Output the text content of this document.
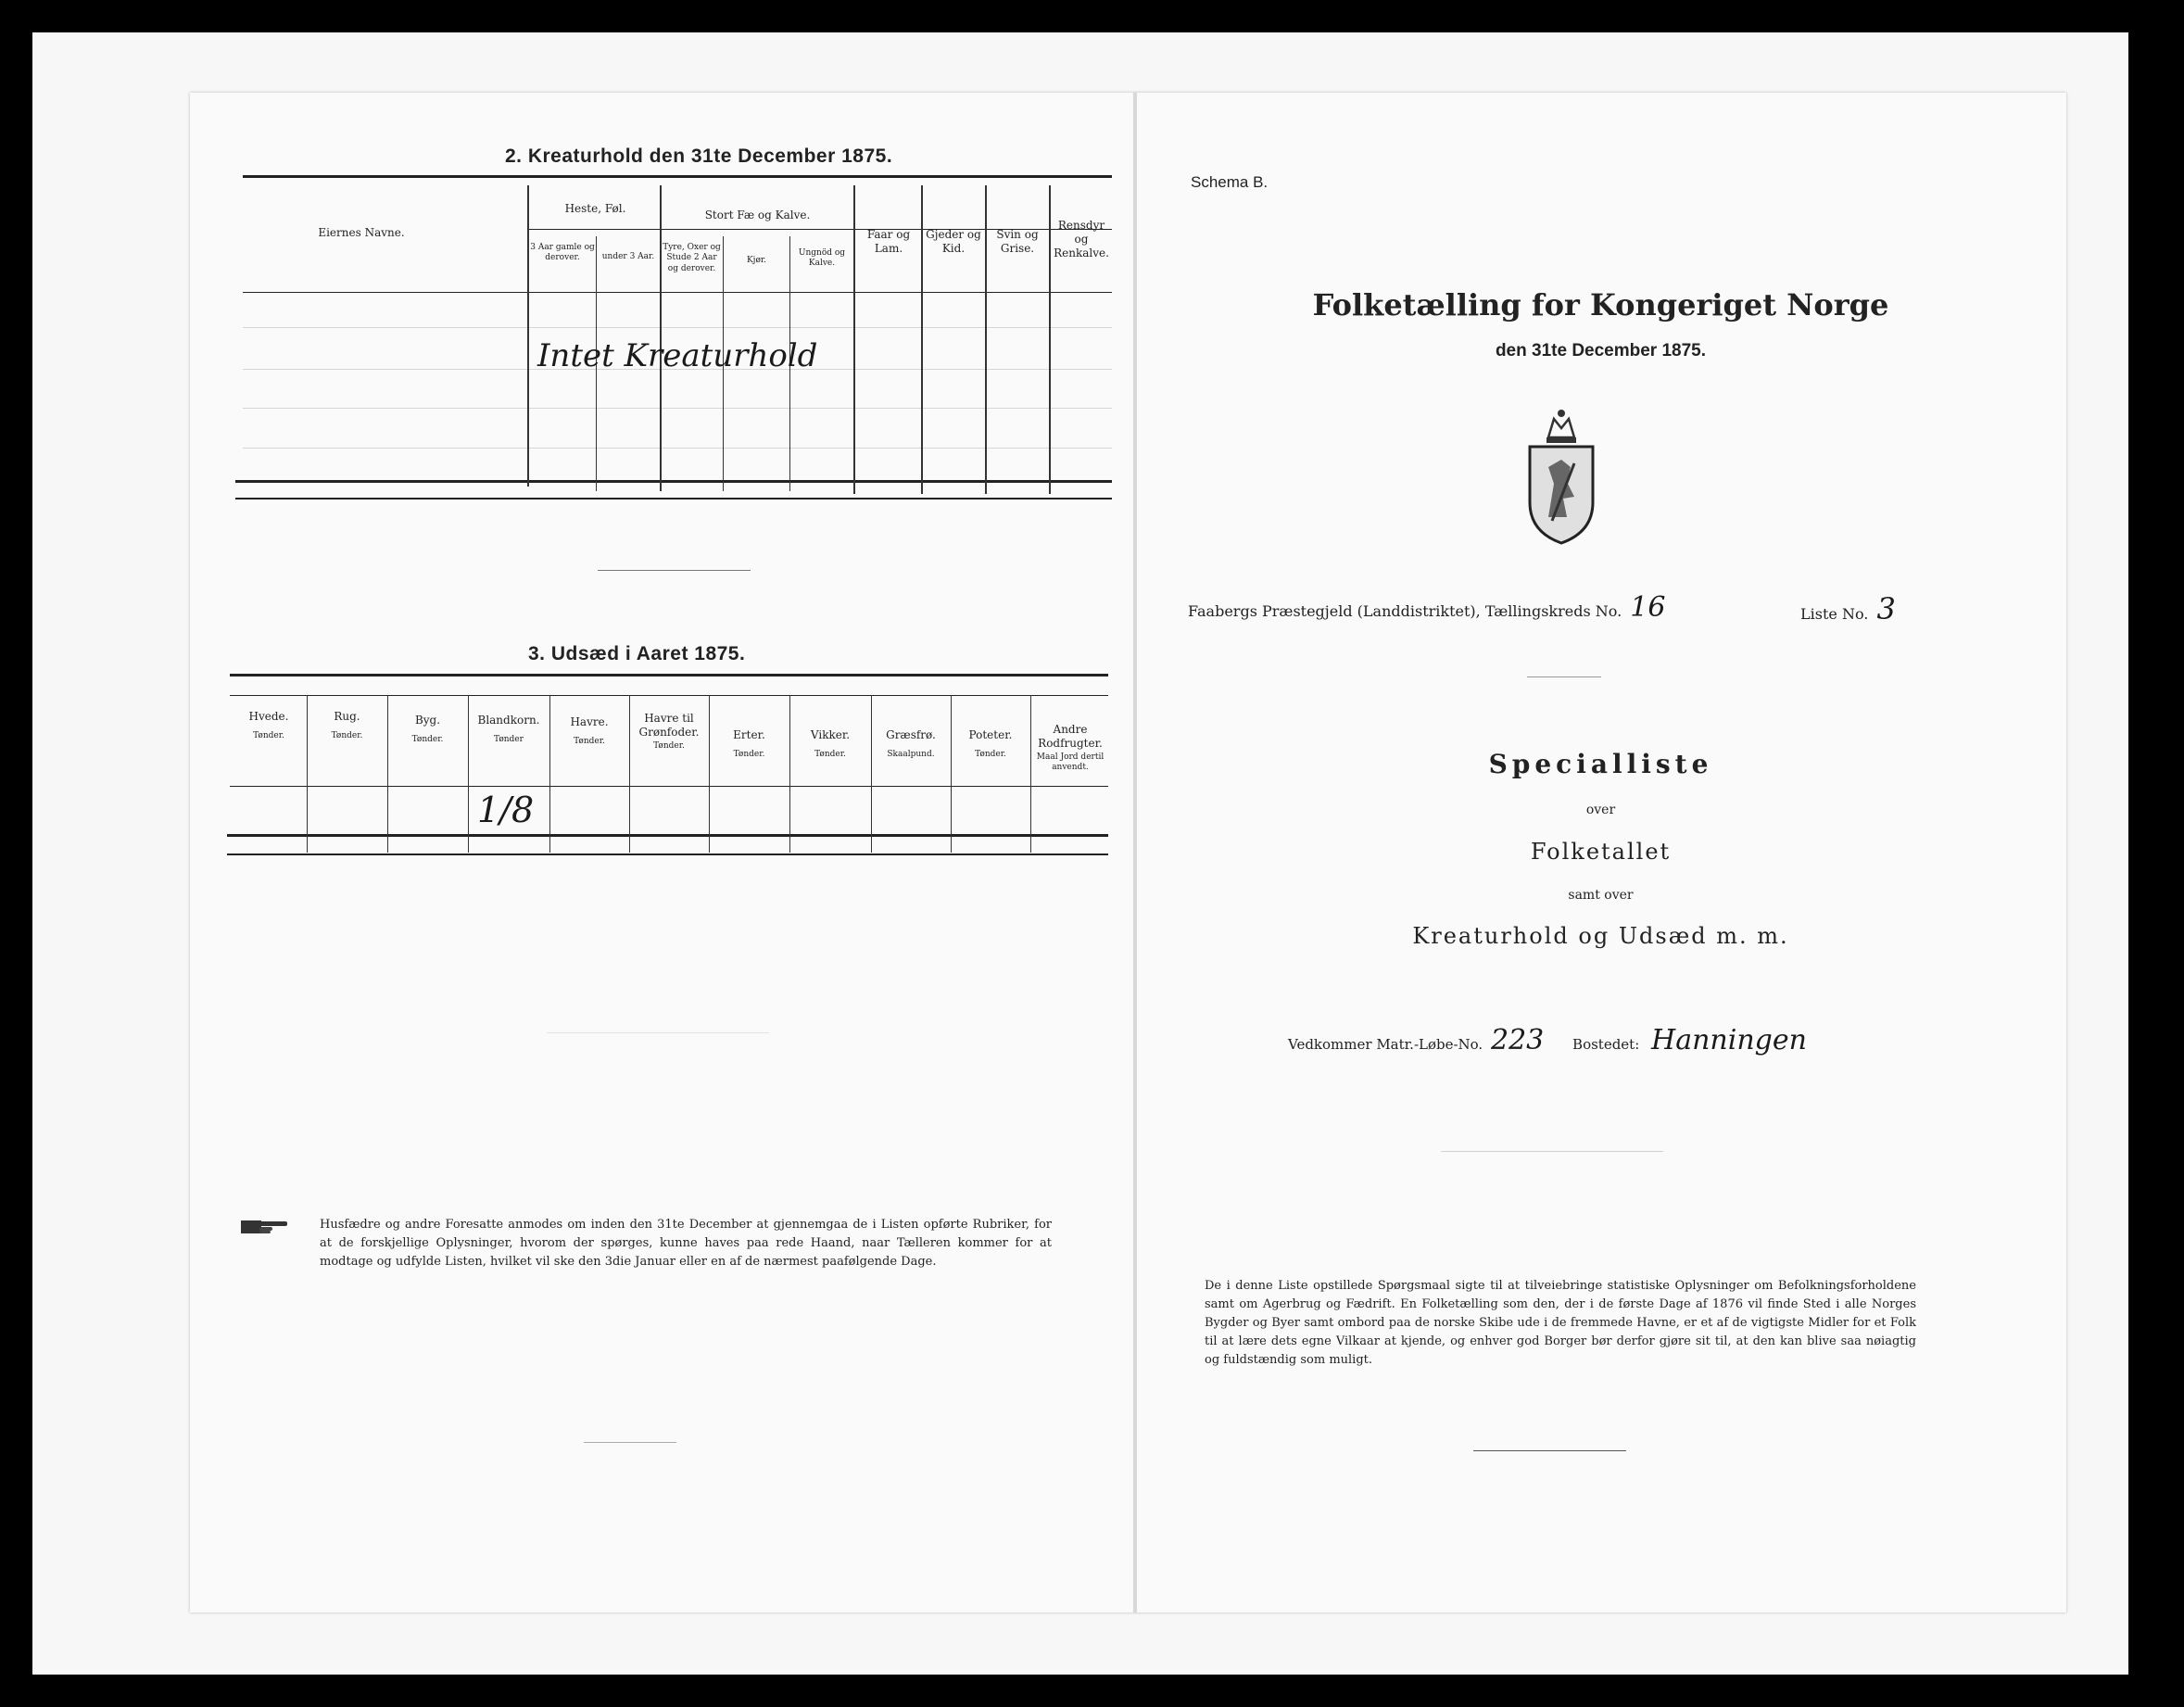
2. Kreaturhold den 31te December 1875.
Eiernes Navne.
Heste, Føl.
3 Aar gamle og derover.	under 3 Aar.
Stort Fæ og Kalve.
Tyre, Oxer og Stude 2 Aar og derover.
Kjør.
Ungnöd og Kalve.
Faar og Lam.
Gjeder og Kid.
Svin og Grise.
Rensdyr og Renkalve.
Intet Kreaturhold
3. Udsæd i Aaret 1875.
Hvede.
Tønder.
Rug.
Tønder.
Byg.
Tønder.
Blandkorn.
Tønder
Havre.
Tønder.
Havre til Grønfoder.
Tønder.
Erter.
Tønder.
Vikker.
Tønder.
Græsfrø.
Skaalpund.
Poteter.
Tønder.
Andre Rodfrugter.
Maal Jord dertil anvendt.
1/8
Husfædre og andre Foresatte anmodes om inden den 31te December at gjennemgaa de i Listen opførte Rubriker, for at de forskjellige Oplysninger, hvorom der spørges, kunne haves paa rede Haand, naar Tælleren kommer for at modtage og udfylde Listen, hvilket vil ske den 3die Januar eller en af de nærmest paafølgende Dage.
Schema B.
Folketælling for Kongeriget Norge
den 31te December 1875.
Faabergs Præstegjeld (Landdistriktet), Tællingskreds No. 16	Liste No. 3
Specialliste
over
Folketallet
samt over
Kreaturhold og Udsæd m. m.
Vedkommer Matr.-Løbe-No. 223 Bostedet: Hanningen
De i denne Liste opstillede Spørgsmaal sigte til at tilveiebringe statistiske Oplysninger om Befolkningsforholdene samt om Agerbrug og Fædrift. En Folketælling som den, der i de første Dage af 1876 vil finde Sted i alle Norges Bygder og Byer samt ombord paa de norske Skibe ude i de fremmede Havne, er et af de vigtigste Midler for et Folk til at lære dets egne Vilkaar at kjende, og enhver god Borger bør derfor gjøre sit til, at den kan blive saa nøiagtig og fuldstændig som muligt.
